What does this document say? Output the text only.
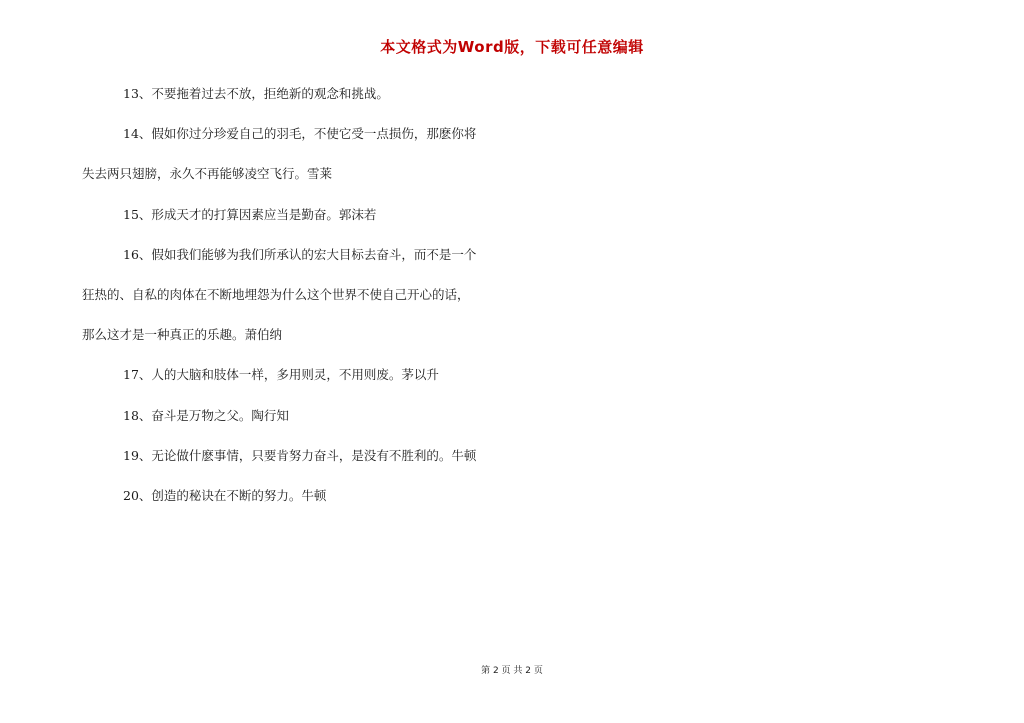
本文格式为Word版，下载可任意编辑
13、不要拖着过去不放，拒绝新的观念和挑战。
14、假如你过分珍爱自己的羽毛，不使它受一点损伤，那麽你将
失去两只翅膀，永久不再能够凌空飞行。雪莱
15、形成天才的打算因素应当是勤奋。郭沫若
16、假如我们能够为我们所承认的宏大目标去奋斗，而不是一个
狂热的、自私的肉体在不断地埋怨为什么这个世界不使自己开心的话，
那么这才是一种真正的乐趣。萧伯纳
17、人的大脑和肢体一样，多用则灵，不用则废。茅以升
18、奋斗是万物之父。陶行知
19、无论做什麽事情，只要肯努力奋斗，是没有不胜利的。牛顿
20、创造的秘诀在不断的努力。牛顿
第 2 页 共 2 页
